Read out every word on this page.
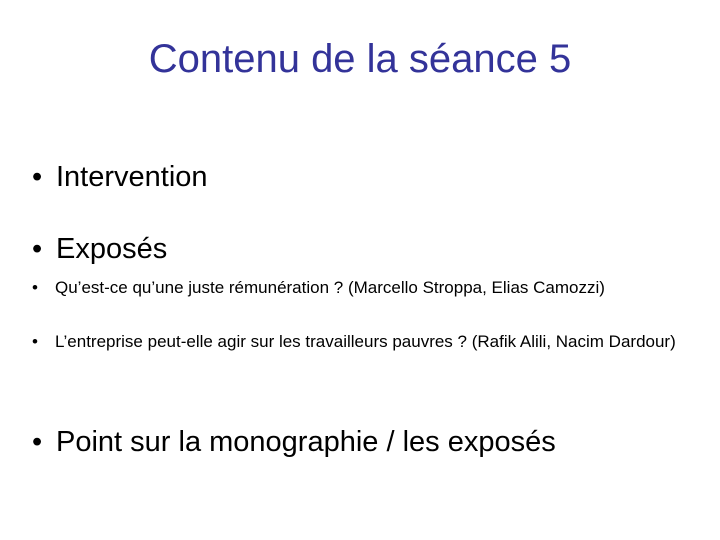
Contenu de la séance 5
• Intervention
• Exposés
• Qu’est-ce qu’une juste rémunération ? (Marcello Stroppa, Elias Camozzi)
• L’entreprise peut-elle agir sur les travailleurs pauvres ? (Rafik Alili, Nacim Dardour)
• Point sur la monographie / les exposés
